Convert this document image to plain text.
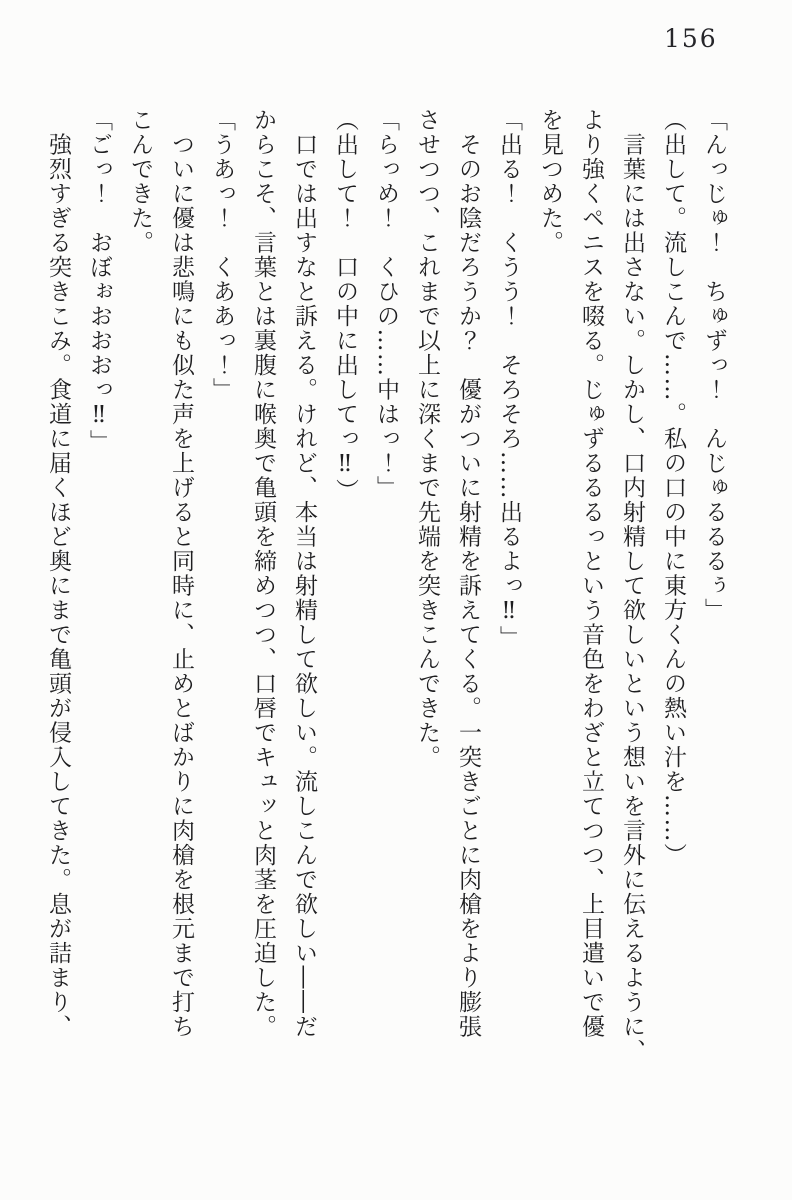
156

「んっじゅ！　ちゅずっ！　んじゅるるるぅ」

（出して。流しこんで……。私の口の中に東方くんの熱い汁を……）

　言葉には出さない。しかし、口内射精して欲しいという想いを言外に伝えるように、

より強くペニスを啜る。じゅずるるるっという音色をわざと立てつつ、上目遣いで優

を見つめた。

「出る！　くうう！　そろそろ……出るよっ‼」

　そのお陰だろうか？　優がついに射精を訴えてくる。一突きごとに肉槍をより膨張

させつつ、これまで以上に深くまで先端を突きこんできた。

「らっめ！　くひの……中はっ！」

（出して！　口の中に出してっ‼）

　口では出すなと訴える。けれど、本当は射精して欲しい。流しこんで欲しい――だ

からこそ、言葉とは裏腹に喉奥で亀頭を締めつつ、口唇でキュッと肉茎を圧迫した。

「うあっ！　くああっ！」

　ついに優は悲鳴にも似た声を上げると同時に、止めとばかりに肉槍を根元まで打ち

こんできた。

「ごっ！　おぼぉおおおっ‼」

　強烈すぎる突きこみ。食道に届くほど奥にまで亀頭が侵入してきた。息が詰まり、
